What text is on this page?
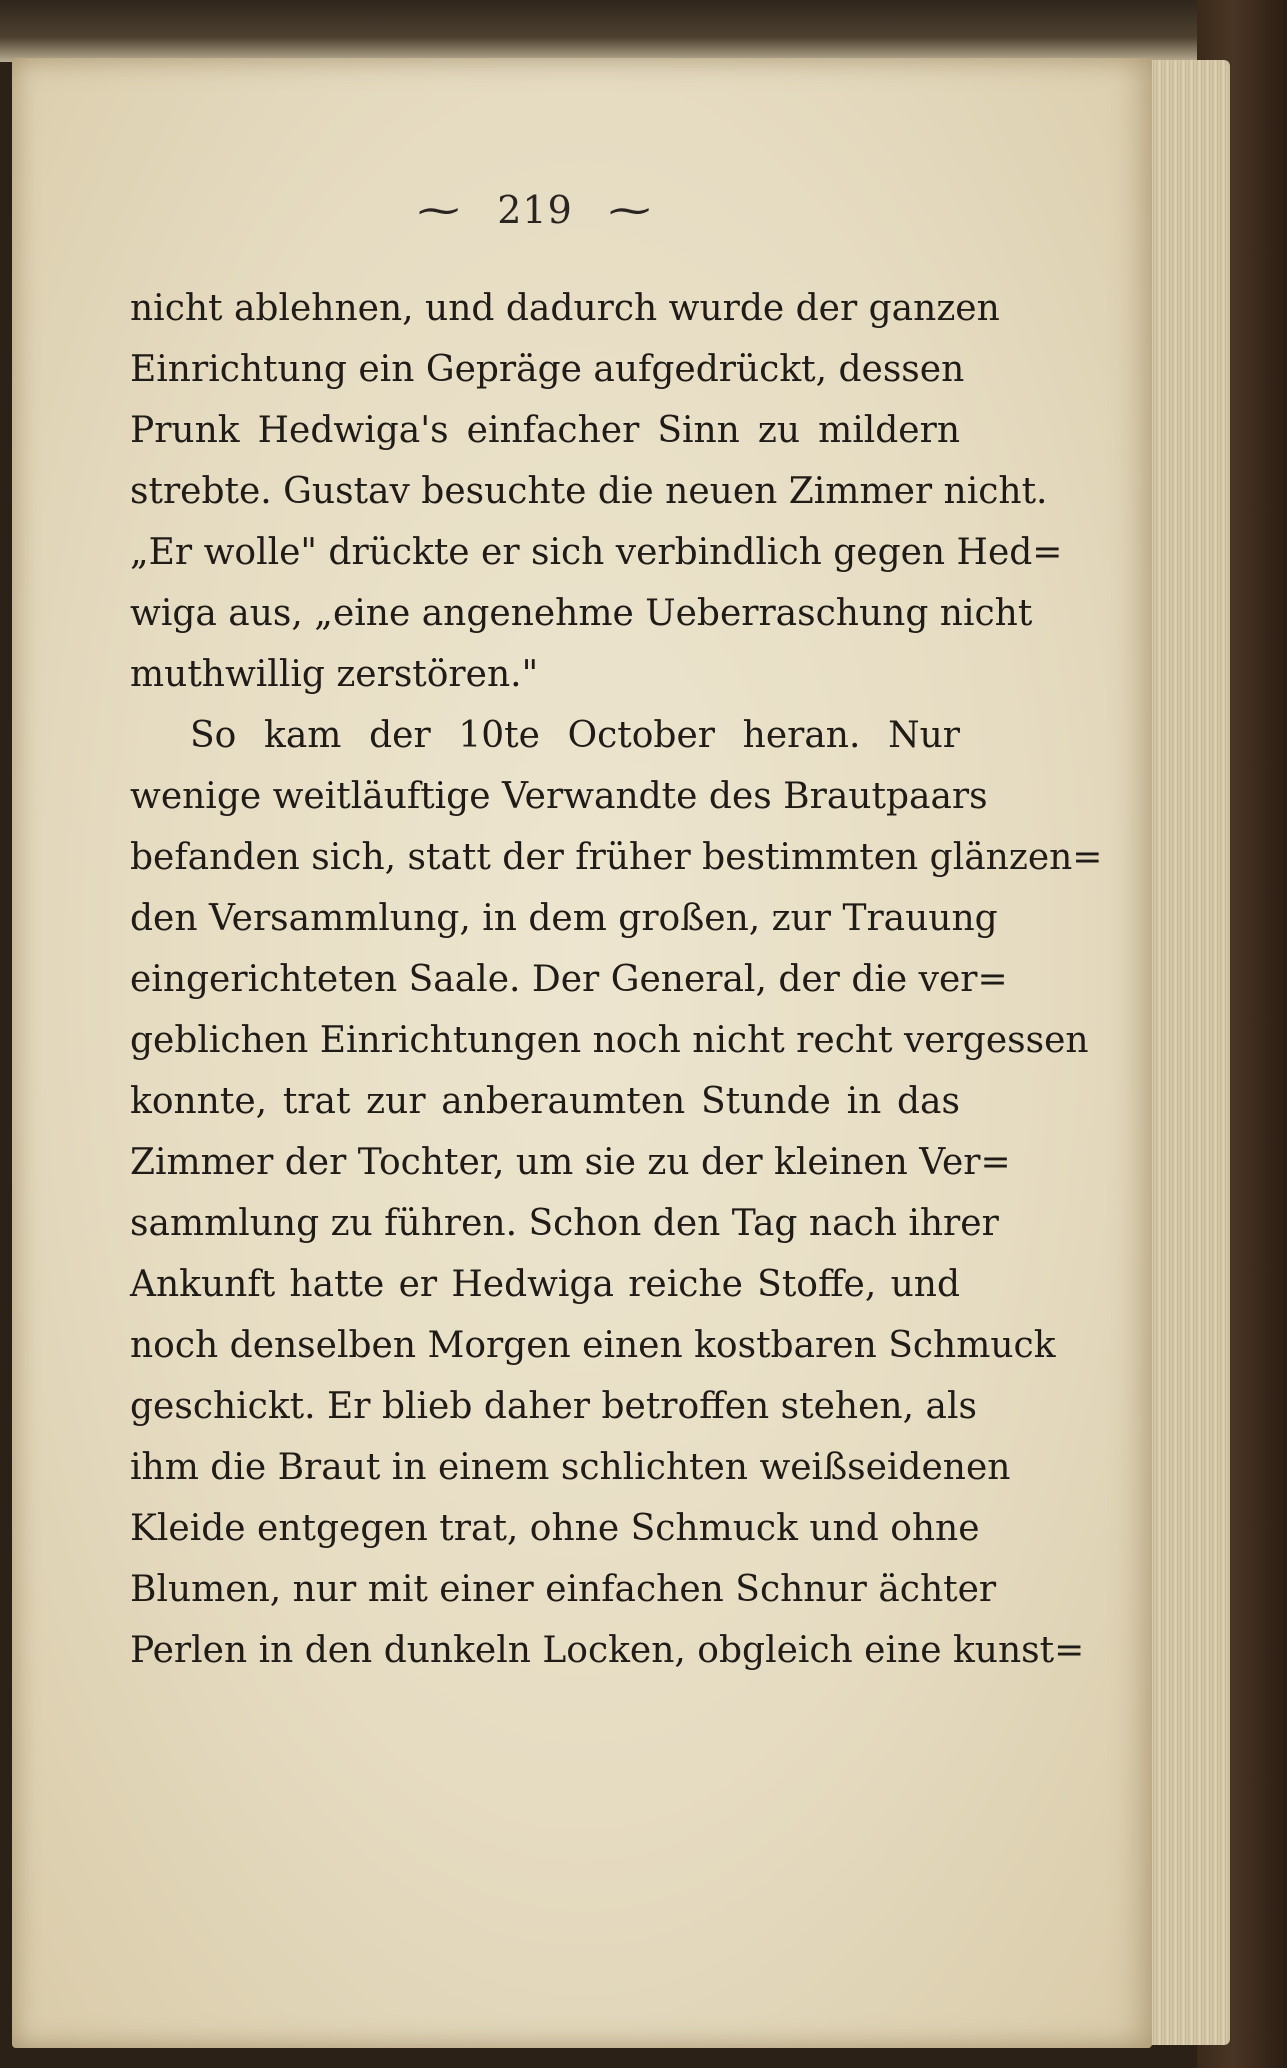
~ 219 ~
nicht ablehnen, und dadurch wurde der ganzen
Einrichtung ein Gepräge aufgedrückt, dessen
Prunk Hedwiga's einfacher Sinn zu mildern
strebte. Gustav besuchte die neuen Zimmer nicht.
„Er wolle" drückte er sich verbindlich gegen Hed=
wiga aus, „eine angenehme Ueberraschung nicht
muthwillig zerstören."
So kam der 10te October heran. Nur
wenige weitläuftige Verwandte des Brautpaars
befanden sich, statt der früher bestimmten glänzen=
den Versammlung, in dem großen, zur Trauung
eingerichteten Saale. Der General, der die ver=
geblichen Einrichtungen noch nicht recht vergessen
konnte, trat zur anberaumten Stunde in das
Zimmer der Tochter, um sie zu der kleinen Ver=
sammlung zu führen. Schon den Tag nach ihrer
Ankunft hatte er Hedwiga reiche Stoffe, und
noch denselben Morgen einen kostbaren Schmuck
geschickt. Er blieb daher betroffen stehen, als
ihm die Braut in einem schlichten weißseidenen
Kleide entgegen trat, ohne Schmuck und ohne
Blumen, nur mit einer einfachen Schnur ächter
Perlen in den dunkeln Locken, obgleich eine kunst=
